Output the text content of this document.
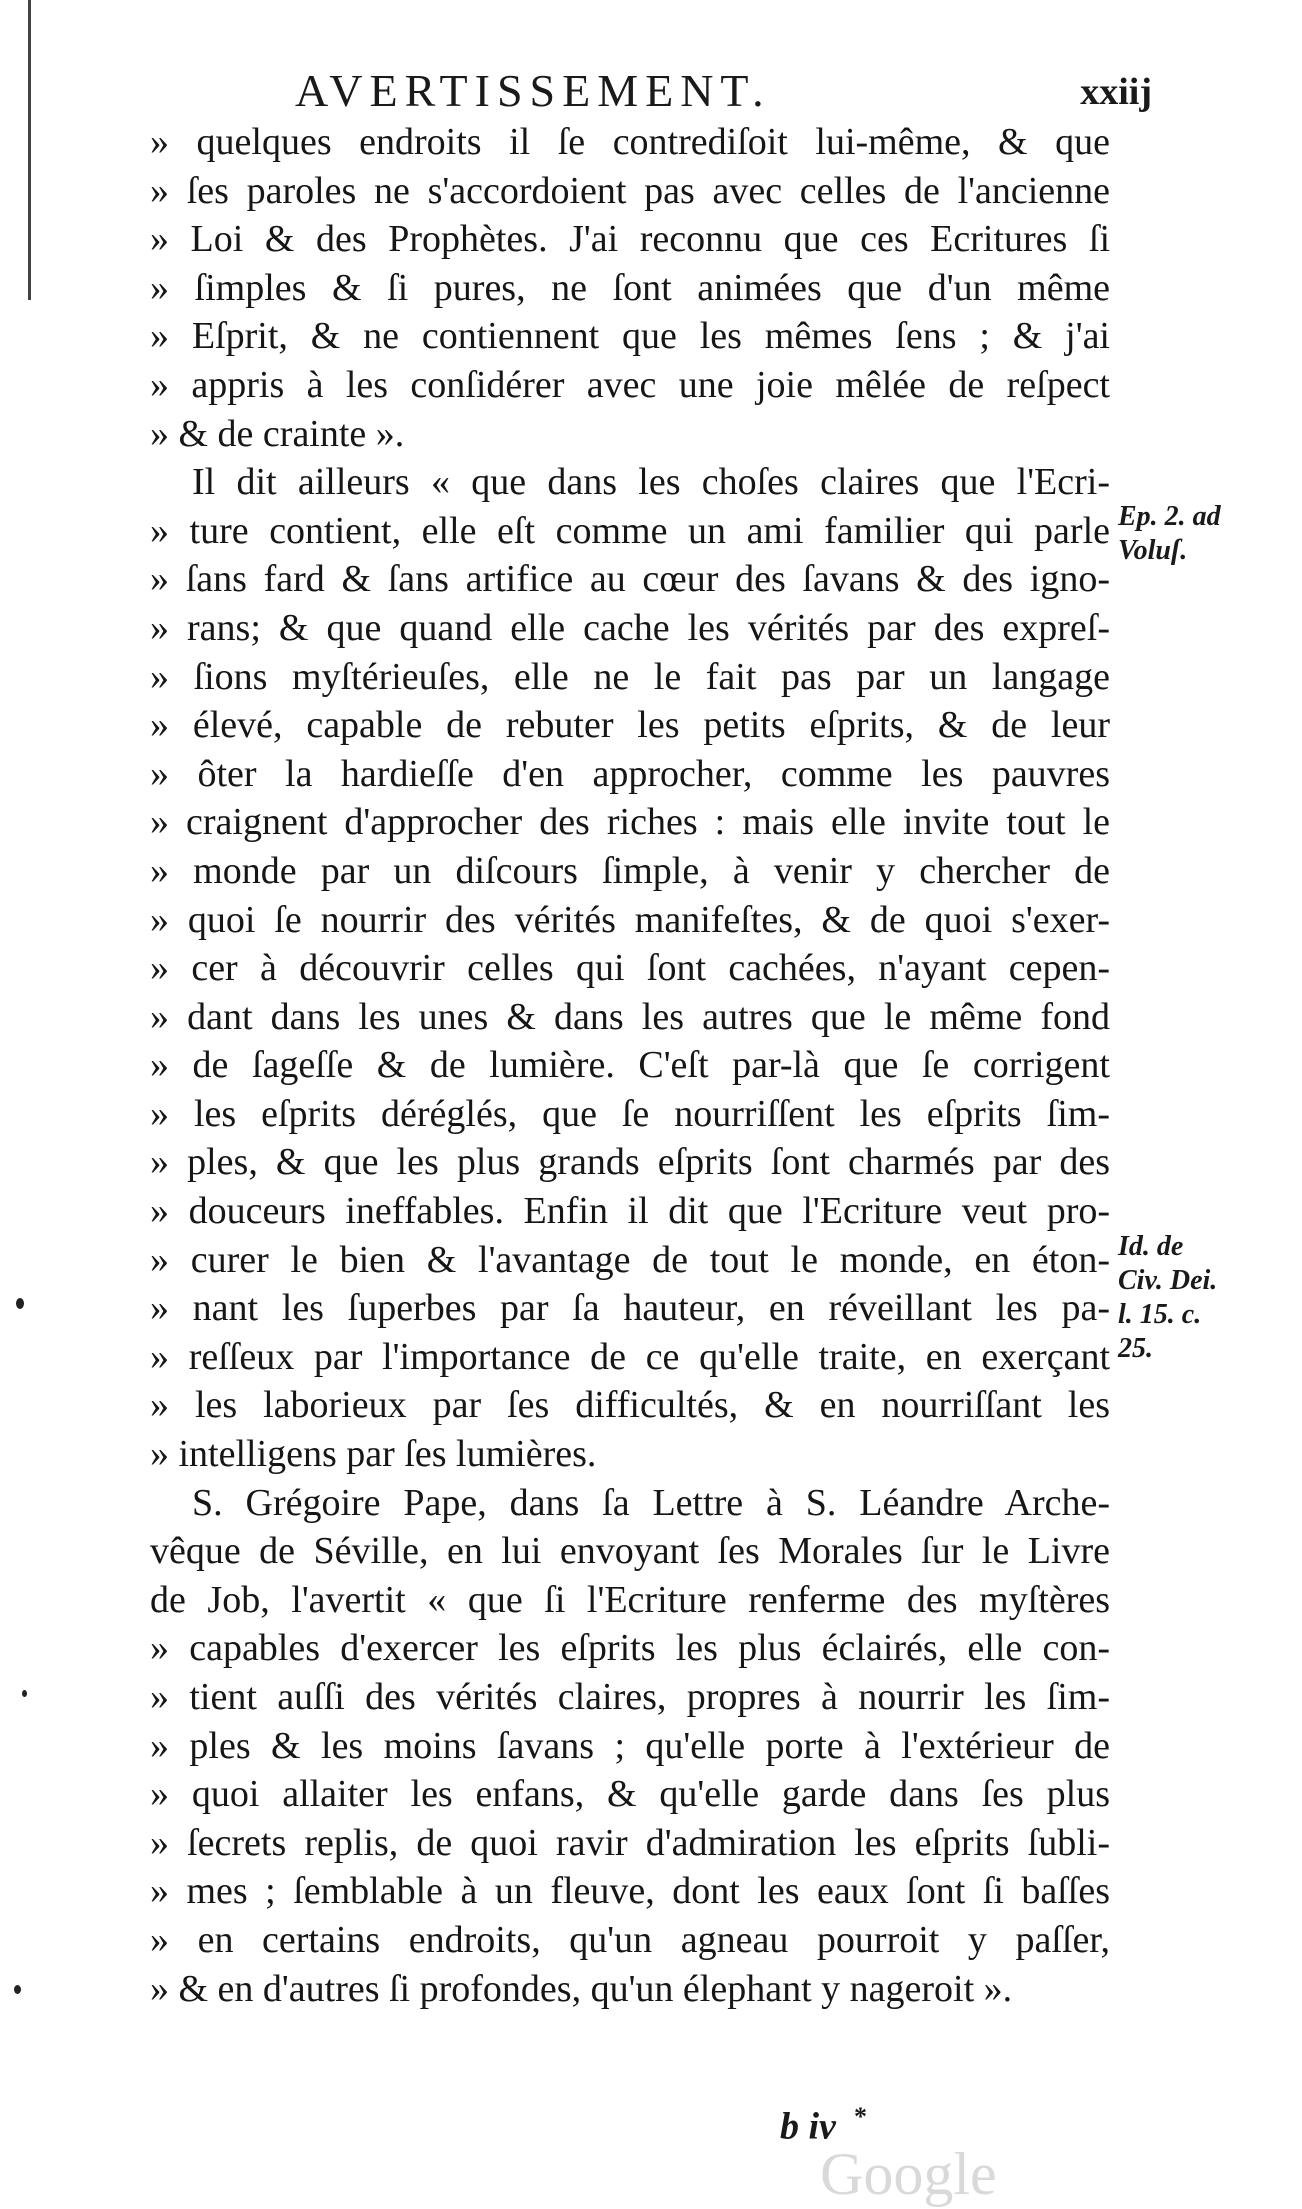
AVERTISSEMENT.	xxiij
» quelques endroits il ſe contrediſoit lui-même, & que
» ſes paroles ne s'accordoient pas avec celles de l'ancienne
» Loi & des Prophètes. J'ai reconnu que ces Ecritures ſi
» ſimples & ſi pures, ne ſont animées que d'un même
» Eſprit, & ne contiennent que les mêmes ſens ; & j'ai
» appris à les conſidérer avec une joie mêlée de reſpect
» & de crainte ».
Il dit ailleurs « que dans les choſes claires que l'Ecri-
» ture contient, elle eſt comme un ami familier qui parle
» ſans fard & ſans artifice au cœur des ſavans & des igno-
» rans; & que quand elle cache les vérités par des expreſ-
» ſions myſtérieuſes, elle ne le fait pas par un langage
» élevé, capable de rebuter les petits eſprits, & de leur
» ôter la hardieſſe d'en approcher, comme les pauvres
» craignent d'approcher des riches : mais elle invite tout le
» monde par un diſcours ſimple, à venir y chercher de
» quoi ſe nourrir des vérités manifeſtes, & de quoi s'exer-
» cer à découvrir celles qui ſont cachées, n'ayant cepen-
» dant dans les unes & dans les autres que le même fond
» de ſageſſe & de lumière. C'eſt par-là que ſe corrigent
» les eſprits déréglés, que ſe nourriſſent les eſprits ſim-
» ples, & que les plus grands eſprits ſont charmés par des
» douceurs ineffables. Enfin il dit que l'Ecriture veut pro-
» curer le bien & l'avantage de tout le monde, en éton-
» nant les ſuperbes par ſa hauteur, en réveillant les pa-
» reſſeux par l'importance de ce qu'elle traite, en exerçant
» les laborieux par ſes difficultés, & en nourriſſant les
» intelligens par ſes lumières.
S. Grégoire Pape, dans ſa Lettre à S. Léandre Arche-
vêque de Séville, en lui envoyant ſes Morales ſur le Livre
de Job, l'avertit « que ſi l'Ecriture renferme des myſtères
» capables d'exercer les eſprits les plus éclairés, elle con-
» tient auſſi des vérités claires, propres à nourrir les ſim-
» ples & les moins ſavans ; qu'elle porte à l'extérieur de
» quoi allaiter les enfans, & qu'elle garde dans ſes plus
» ſecrets replis, de quoi ravir d'admiration les eſprits ſubli-
» mes ; ſemblable à un fleuve, dont les eaux ſont ſi baſſes
» en certains endroits, qu'un agneau pourroit y paſſer,
» & en d'autres ſi profondes, qu'un élephant y nageroit ».
Ep. 2. ad
Voluſ.
Id. de
Civ. Dei.
l. 15. c.
25.
b iv *
Google
